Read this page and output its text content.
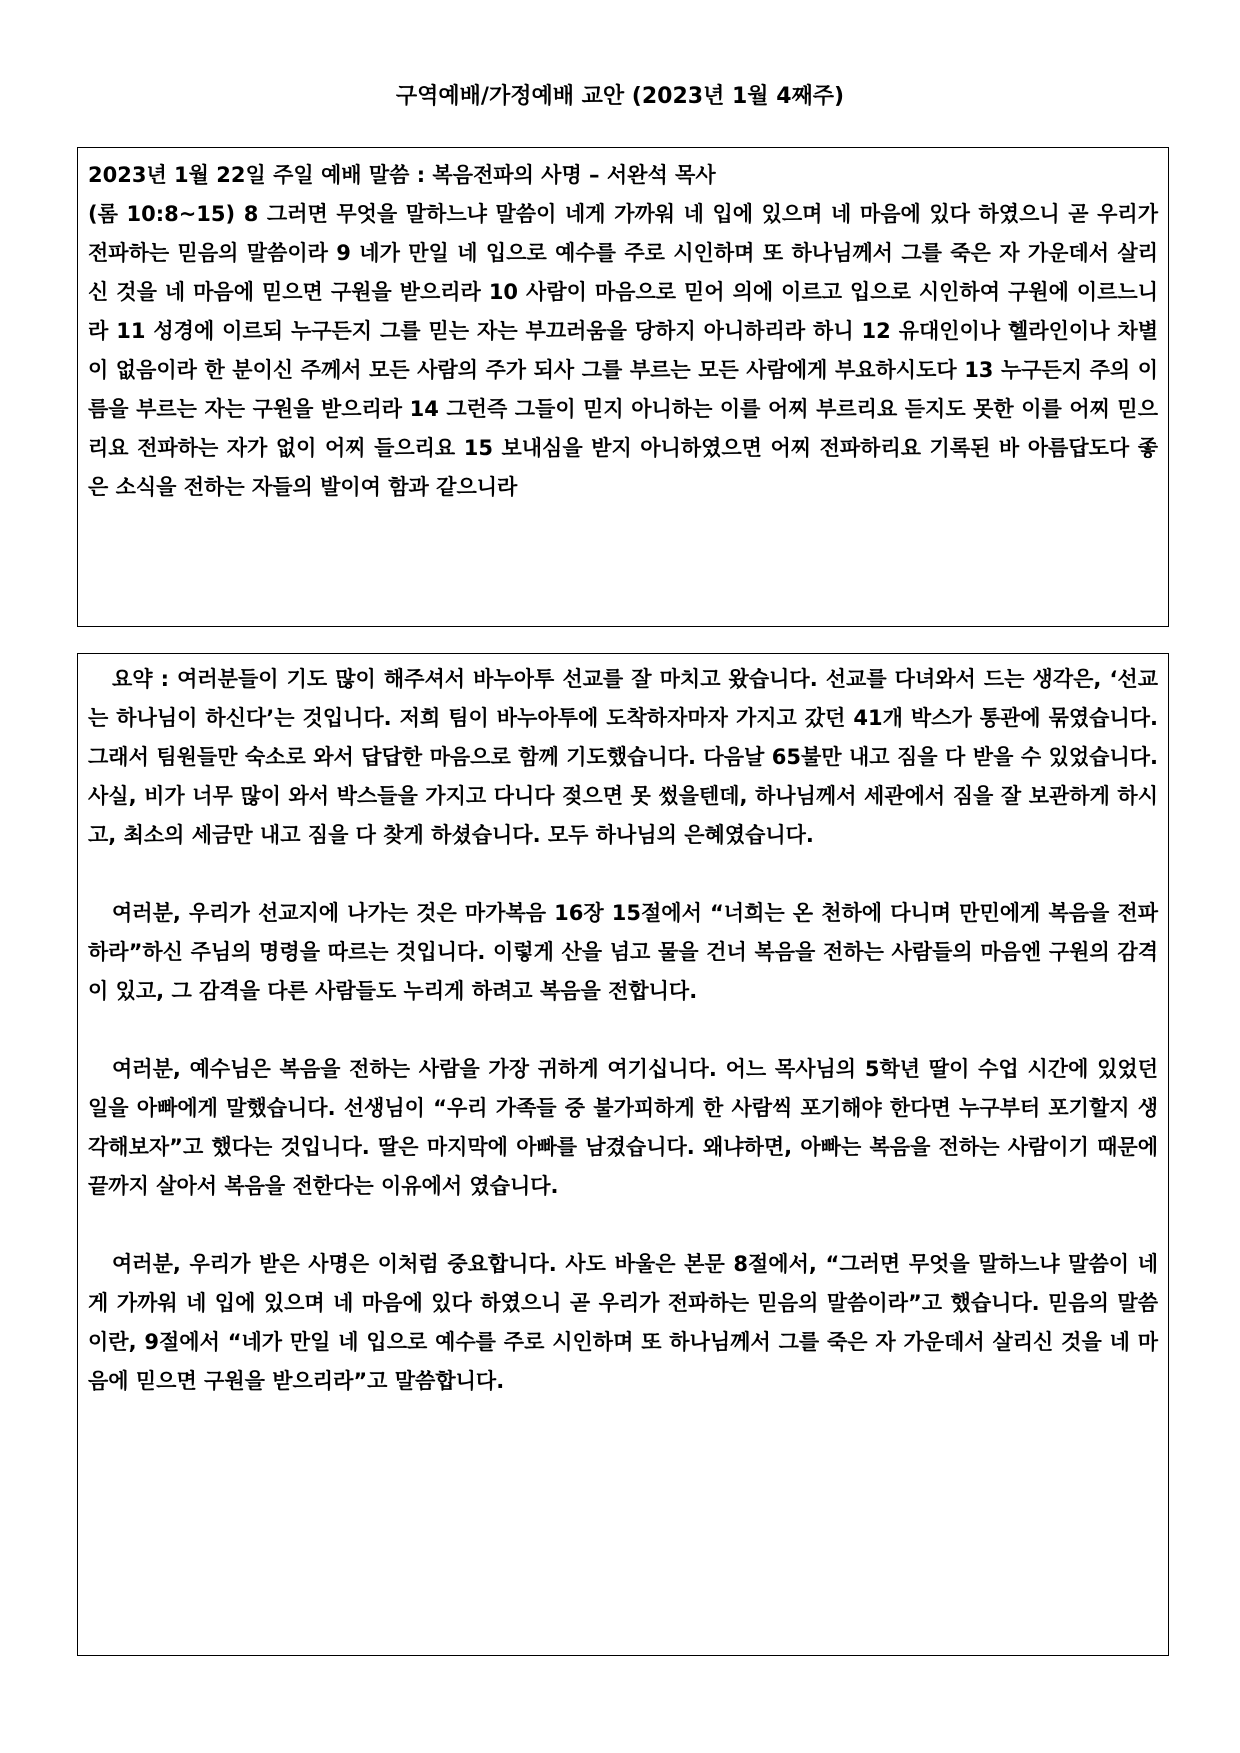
구역예배/가정예배 교안 (2023년 1월 4째주)

2023년 1월 22일 주일 예배 말씀 : 복음전파의 사명 – 서완석 목사

(롬 10:8~15) 8 그러면 무엇을 말하느냐 말씀이 네게 가까워 네 입에 있으며 네 마음에 있다 하였으니 곧 우리가 전파하는 믿음의 말씀이라 9 네가 만일 네 입으로 예수를 주로 시인하며 또 하나님께서 그를 죽은 자 가운데서 살리신 것을 네 마음에 믿으면 구원을 받으리라 10 사람이 마음으로 믿어 의에 이르고 입으로 시인하여 구원에 이르느니라 11 성경에 이르되 누구든지 그를 믿는 자는 부끄러움을 당하지 아니하리라 하니 12 유대인이나 헬라인이나 차별이 없음이라 한 분이신 주께서 모든 사람의 주가 되사 그를 부르는 모든 사람에게 부요하시도다 13 누구든지 주의 이름을 부르는 자는 구원을 받으리라 14 그런즉 그들이 믿지 아니하는 이를 어찌 부르리요 듣지도 못한 이를 어찌 믿으리요 전파하는 자가 없이 어찌 들으리요 15 보내심을 받지 아니하였으면 어찌 전파하리요 기록된 바 아름답도다 좋은 소식을 전하는 자들의 발이여 함과 같으니라

요약 : 여러분들이 기도 많이 해주셔서 바누아투 선교를 잘 마치고 왔습니다. 선교를 다녀와서 드는 생각은, ‘선교는 하나님이 하신다’는 것입니다. 저희 팀이 바누아투에 도착하자마자 가지고 갔던 41개 박스가 통관에 묶였습니다. 그래서 팀원들만 숙소로 와서 답답한 마음으로 함께 기도했습니다. 다음날 65불만 내고 짐을 다 받을 수 있었습니다. 사실, 비가 너무 많이 와서 박스들을 가지고 다니다 젖으면 못 썼을텐데, 하나님께서 세관에서 짐을 잘 보관하게 하시고, 최소의 세금만 내고 짐을 다 찾게 하셨습니다. 모두 하나님의 은혜였습니다.

여러분, 우리가 선교지에 나가는 것은 마가복음 16장 15절에서 “너희는 온 천하에 다니며 만민에게 복음을 전파하라”하신 주님의 명령을 따르는 것입니다. 이렇게 산을 넘고 물을 건너 복음을 전하는 사람들의 마음엔 구원의 감격이 있고, 그 감격을 다른 사람들도 누리게 하려고 복음을 전합니다.

여러분, 예수님은 복음을 전하는 사람을 가장 귀하게 여기십니다. 어느 목사님의 5학년 딸이 수업 시간에 있었던 일을 아빠에게 말했습니다. 선생님이 “우리 가족들 중 불가피하게 한 사람씩 포기해야 한다면 누구부터 포기할지 생각해보자”고 했다는 것입니다. 딸은 마지막에 아빠를 남겼습니다. 왜냐하면, 아빠는 복음을 전하는 사람이기 때문에 끝까지 살아서 복음을 전한다는 이유에서 였습니다.

여러분, 우리가 받은 사명은 이처럼 중요합니다. 사도 바울은 본문 8절에서, “그러면 무엇을 말하느냐 말씀이 네게 가까워 네 입에 있으며 네 마음에 있다 하였으니 곧 우리가 전파하는 믿음의 말씀이라”고 했습니다. 믿음의 말씀이란, 9절에서 “네가 만일 네 입으로 예수를 주로 시인하며 또 하나님께서 그를 죽은 자 가운데서 살리신 것을 네 마음에 믿으면 구원을 받으리라”고 말씀합니다.
